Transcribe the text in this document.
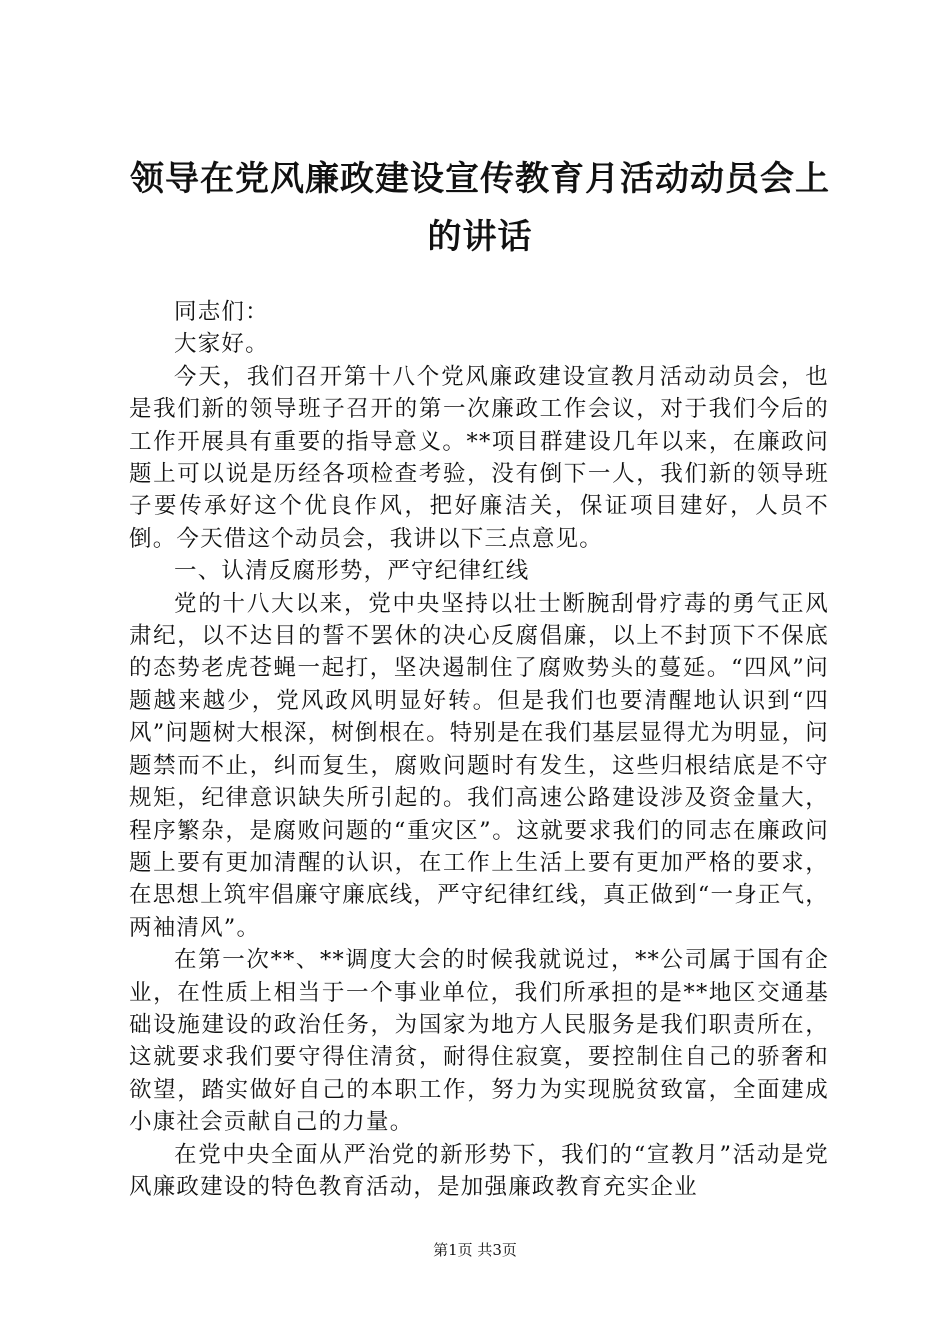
领导在党风廉政建设宣传教育月活动动员会上的讲话

同志们：

大家好。

今天，我们召开第十八个党风廉政建设宣教月活动动员会，也是我们新的领导班子召开的第一次廉政工作会议，对于我们今后的工作开展具有重要的指导意义。**项目群建设几年以来，在廉政问题上可以说是历经各项检查考验，没有倒下一人，我们新的领导班子要传承好这个优良作风，把好廉洁关，保证项目建好，人员不倒。今天借这个动员会，我讲以下三点意见。

一、认清反腐形势，严守纪律红线

党的十八大以来，党中央坚持以壮士断腕刮骨疗毒的勇气正风肃纪，以不达目的誓不罢休的决心反腐倡廉，以上不封顶下不保底的态势老虎苍蝇一起打，坚决遏制住了腐败势头的蔓延。“四风”问题越来越少，党风政风明显好转。但是我们也要清醒地认识到“四风”问题树大根深，树倒根在。特别是在我们基层显得尤为明显，问题禁而不止，纠而复生，腐败问题时有发生，这些归根结底是不守规矩，纪律意识缺失所引起的。我们高速公路建设涉及资金量大，程序繁杂，是腐败问题的“重灾区”。这就要求我们的同志在廉政问题上要有更加清醒的认识，在工作上生活上要有更加严格的要求，在思想上筑牢倡廉守廉底线，严守纪律红线，真正做到“一身正气，两袖清风”。

在第一次**、**调度大会的时候我就说过，**公司属于国有企业，在性质上相当于一个事业单位，我们所承担的是**地区交通基础设施建设的政治任务，为国家为地方人民服务是我们职责所在，这就要求我们要守得住清贫，耐得住寂寞，要控制住自己的骄奢和欲望，踏实做好自己的本职工作，努力为实现脱贫致富，全面建成小康社会贡献自己的力量。

在党中央全面从严治党的新形势下，我们的“宣教月”活动是党风廉政建设的特色教育活动，是加强廉政教育充实企业

第1页 共3页
